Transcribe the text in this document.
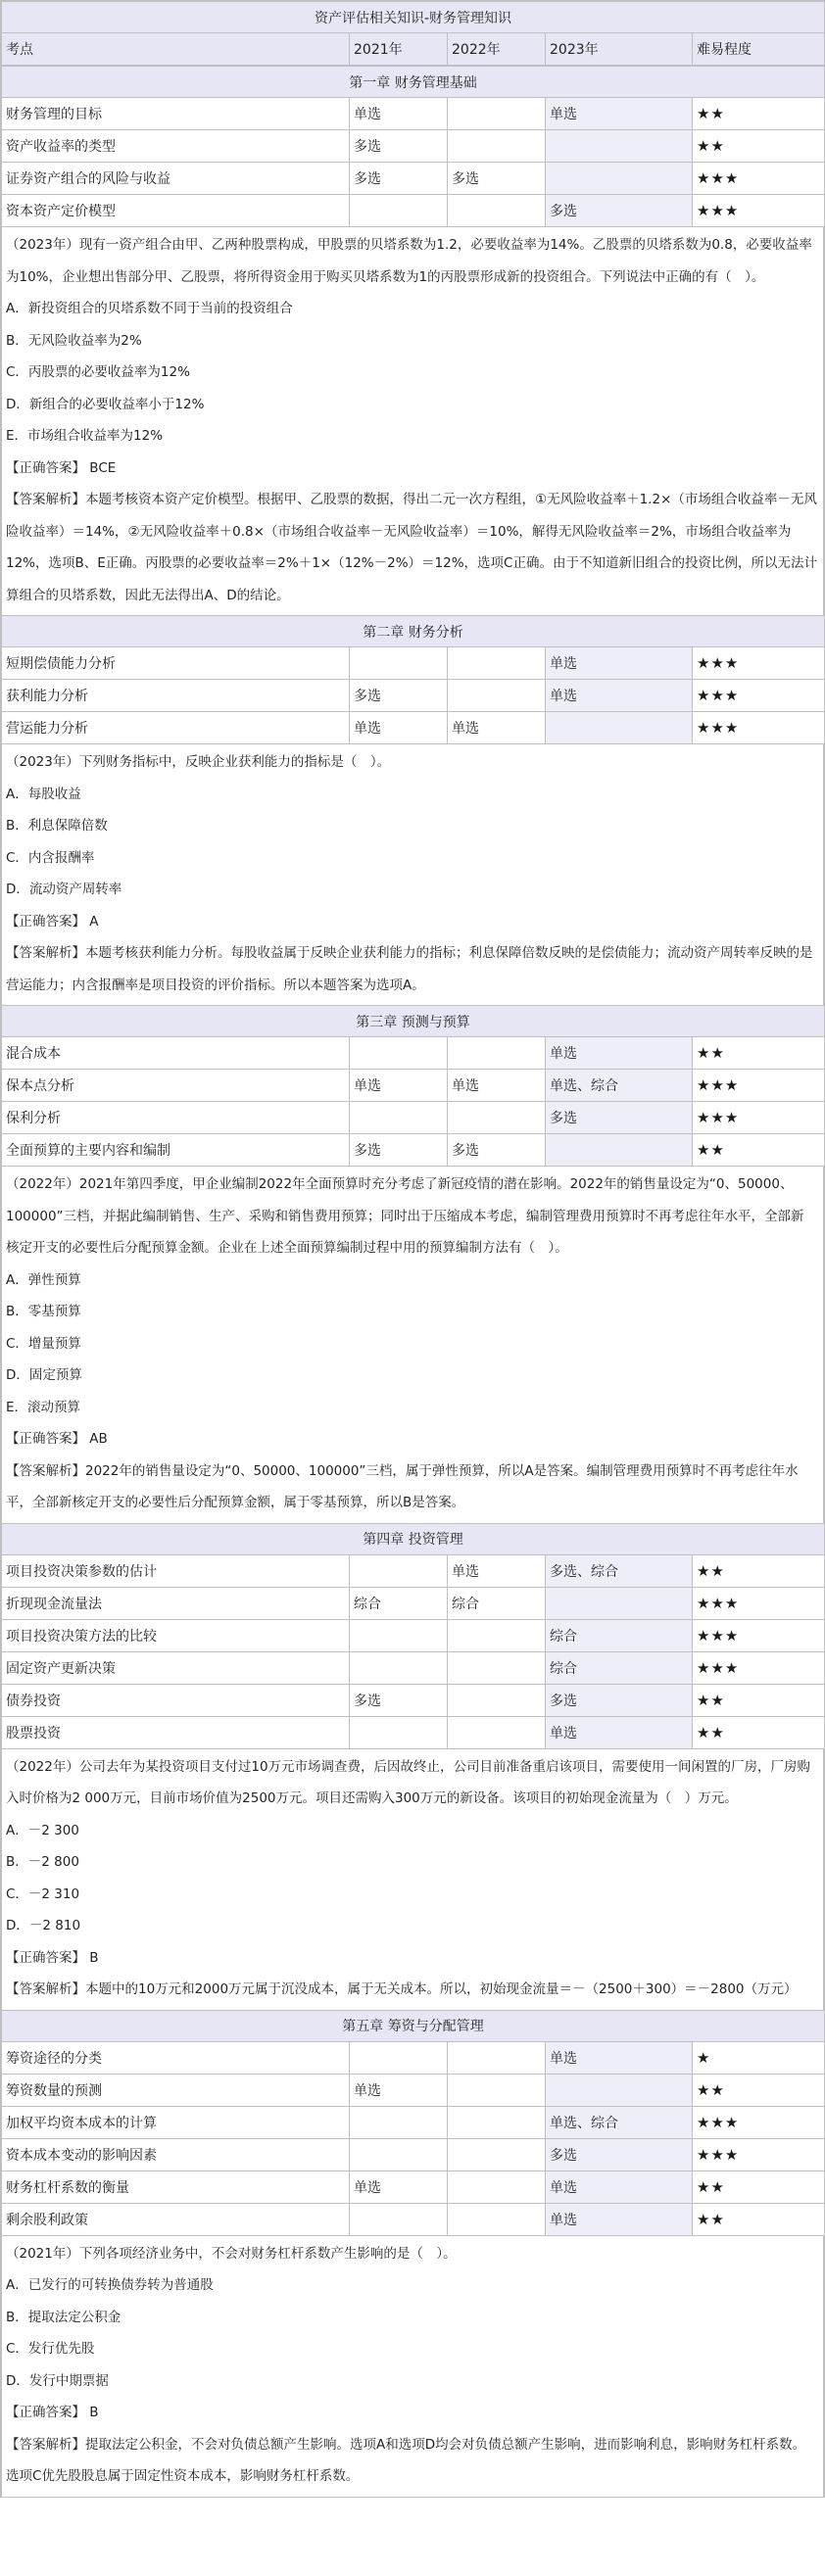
资产评估相关知识-财务管理知识
考点	2021年	2022年	2023年	难易程度
第一章 财务管理基础				
财务管理的目标	单选		单选	★★
资产收益率的类型	多选			★★
证券资产组合的风险与收益	多选	多选		★★★
资本资产定价模型			多选	★★★

（2023年）现有一资产组合由甲、乙两种股票构成，甲股票的贝塔系数为1.2，必要收益率为14%。乙股票的贝塔系数为0.8，必要收益率为10%，企业想出售部分甲、乙股票，将所得资金用于购买贝塔系数为1的丙股票形成新的投资组合。下列说法中正确的有（　）。

A．新投资组合的贝塔系数不同于当前的投资组合

B．无风险收益率为2%

C．丙股票的必要收益率为12%

D．新组合的必要收益率小于12%

E．市场组合收益率为12%

【正确答案】 BCE

【答案解析】本题考核资本资产定价模型。根据甲、乙股票的数据，得出二元一次方程组，①无风险收益率＋1.2×（市场组合收益率－无风险收益率）＝14%，②无风险收益率＋0.8×（市场组合收益率－无风险收益率）＝10%，解得无风险收益率＝2%，市场组合收益率为12%，选项B、E正确。丙股票的必要收益率＝2%＋1×（12%－2%）＝12%，选项C正确。由于不知道新旧组合的投资比例，所以无法计算组合的贝塔系数，因此无法得出A、D的结论。

第二章 财务分析				
短期偿债能力分析			单选	★★★
获利能力分析	多选		单选	★★★
营运能力分析	单选	单选		★★★

（2023年）下列财务指标中，反映企业获利能力的指标是（　）。

A．每股收益

B．利息保障倍数

C．内含报酬率

D．流动资产周转率

【正确答案】 A

【答案解析】本题考核获利能力分析。每股收益属于反映企业获利能力的指标；利息保障倍数反映的是偿债能力；流动资产周转率反映的是营运能力；内含报酬率是项目投资的评价指标。所以本题答案为选项A。

第三章 预测与预算				
混合成本			单选	★★
保本点分析	单选	单选	单选、综合	★★★
保利分析			多选	★★★
全面预算的主要内容和编制	多选	多选		★★

（2022年）2021年第四季度，甲企业编制2022年全面预算时充分考虑了新冠疫情的潜在影响。2022年的销售量设定为“0、50000、100000”三档，并据此编制销售、生产、采购和销售费用预算；同时出于压缩成本考虑，编制管理费用预算时不再考虑往年水平，全部新核定开支的必要性后分配预算金额。企业在上述全面预算编制过程中用的预算编制方法有（　）。

A．弹性预算

B．零基预算

C．增量预算

D．固定预算

E．滚动预算

【正确答案】 AB

【答案解析】2022年的销售量设定为“0、50000、100000”三档，属于弹性预算，所以A是答案。编制管理费用预算时不再考虑往年水平，全部新核定开支的必要性后分配预算金额，属于零基预算，所以B是答案。

第四章 投资管理				
项目投资决策参数的估计		单选	多选、综合	★★
折现现金流量法	综合	综合		★★★
项目投资决策方法的比较			综合	★★★
固定资产更新决策			综合	★★★
债券投资	多选		多选	★★
股票投资			单选	★★

（2022年）公司去年为某投资项目支付过10万元市场调查费，后因故终止，公司目前准备重启该项目，需要使用一间闲置的厂房，厂房购入时价格为2 000万元，目前市场价值为2500万元。项目还需购入300万元的新设备。该项目的初始现金流量为（　）万元。

A．－2 300

B．－2 800

C．－2 310

D．－2 810

【正确答案】 B

【答案解析】本题中的10万元和2000万元属于沉没成本，属于无关成本。所以，初始现金流量＝－（2500＋300）＝－2800（万元）

第五章 筹资与分配管理				
筹资途径的分类			单选	★
筹资数量的预测	单选			★★
加权平均资本成本的计算			单选、综合	★★★
资本成本变动的影响因素			多选	★★★
财务杠杆系数的衡量	单选		单选	★★
剩余股利政策			单选	★★

（2021年）下列各项经济业务中，不会对财务杠杆系数产生影响的是（　）。

A．已发行的可转换债券转为普通股

B．提取法定公积金

C．发行优先股

D．发行中期票据

【正确答案】 B

【答案解析】提取法定公积金，不会对负债总额产生影响。选项A和选项D均会对负债总额产生影响，进而影响利息，影响财务杠杆系数。选项C优先股股息属于固定性资本成本，影响财务杠杆系数。
